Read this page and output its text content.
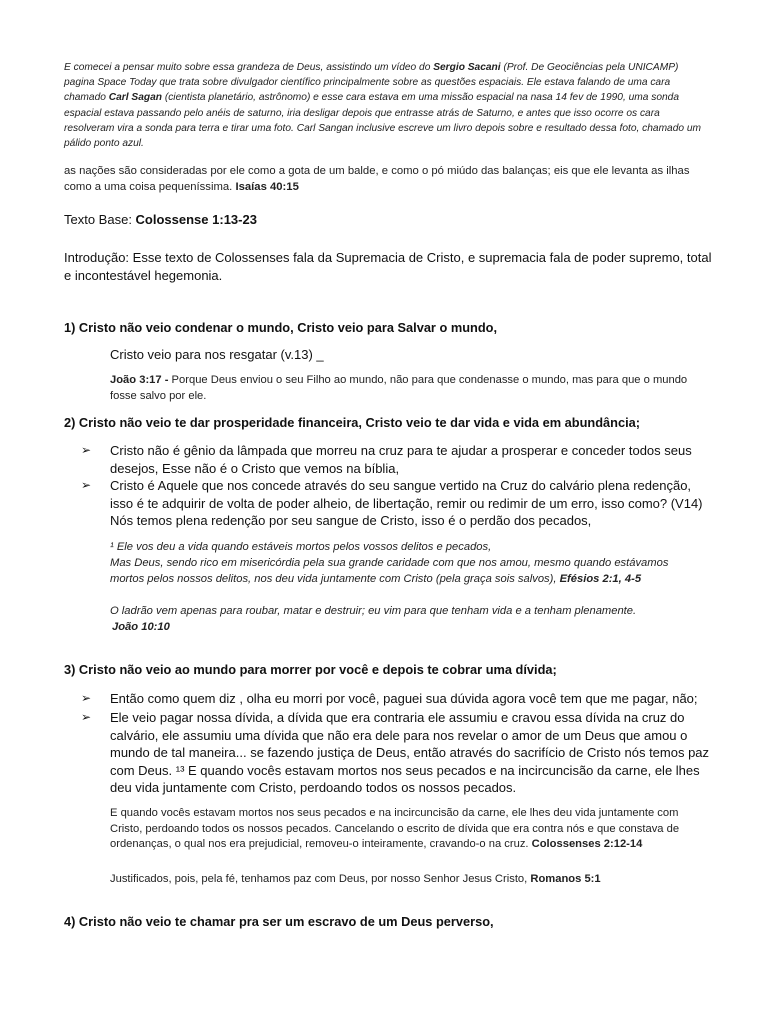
E comecei a pensar muito sobre essa grandeza de Deus, assistindo um vídeo do Sergio Sacani (Prof. De Geociências pela UNICAMP) pagina Space Today que trata sobre divulgador científico principalmente sobre as questões espaciais. Ele estava falando de uma cara chamado Carl Sagan (cientista planetário, astrônomo) e esse cara estava em uma missão espacial na nasa 14 fev de 1990, uma sonda espacial estava passando pelo anéis de saturno, iria desligar depois que entrasse atrás de Saturno, e antes que isso ocorre os cara resolveram vira a sonda para terra e tirar uma foto. Carl Sangan inclusive escreve um livro depois sobre e resultado dessa foto, chamado um pálido ponto azul.
as nações são consideradas por ele como a gota de um balde, e como o pó miúdo das balanças; eis que ele levanta as ilhas como a uma coisa pequeníssima. Isaías 40:15
Texto Base: Colossense 1:13-23
Introdução: Esse texto de Colossenses fala da Supremacia de Cristo, e supremacia fala de poder supremo, total e incontestável hegemonia.
1) Cristo não veio condenar o mundo, Cristo veio para Salvar o mundo,
Cristo veio para nos resgatar (v.13) _
João 3:17 - Porque Deus enviou o seu Filho ao mundo, não para que condenasse o mundo, mas para que o mundo fosse salvo por ele.
2) Cristo não veio te dar prosperidade financeira, Cristo veio te dar vida e vida em abundância;
➢ Cristo não é gênio da lâmpada que morreu na cruz para te ajudar a prosperar e conceder todos seus desejos, Esse não é o Cristo que vemos na bíblia,
➢ Cristo é Aquele que nos concede através do seu sangue vertido na Cruz do calvário plena redenção, isso é te adquirir de volta de poder alheio, de libertação, remir ou redimir de um erro, isso como? (V14) Nós temos plena redenção por seu sangue de Cristo, isso é o perdão dos pecados,
¹ Ele vos deu a vida quando estáveis mortos pelos vossos delitos e pecados,
Mas Deus, sendo rico em misericórdia pela sua grande caridade com que nos amou, mesmo quando estávamos mortos pelos nossos delitos, nos deu vida juntamente com Cristo (pela graça sois salvos), Efésios 2:1, 4-5
O ladrão vem apenas para roubar, matar e destruir; eu vim para que tenham vida e a tenham plenamente.
João 10:10
3) Cristo não veio ao mundo para morrer por você e depois te cobrar uma dívida;
➢ Então como quem diz , olha eu morri por você, paguei sua dúvida agora você tem que me pagar, não;
➢ Ele veio pagar nossa dívida, a dívida que era contraria ele assumiu e cravou essa dívida na cruz do calvário, ele assumiu uma dívida que não era dele para nos revelar o amor de um Deus que amou o mundo de tal maneira... se fazendo justiça de Deus, então através do sacrifício de Cristo nós temos paz com Deus. ¹³ E quando vocês estavam mortos nos seus pecados e na incircuncisão da carne, ele lhes deu vida juntamente com Cristo, perdoando todos os nossos pecados.
E quando vocês estavam mortos nos seus pecados e na incircuncisão da carne, ele lhes deu vida juntamente com Cristo, perdoando todos os nossos pecados. Cancelando o escrito de dívida que era contra nós e que constava de ordenanças, o qual nos era prejudicial, removeu-o inteiramente, cravando-o na cruz. Colossenses 2:12-14
Justificados, pois, pela fé, tenhamos paz com Deus, por nosso Senhor Jesus Cristo, Romanos 5:1
4) Cristo não veio te chamar pra ser um escravo de um Deus perverso,
